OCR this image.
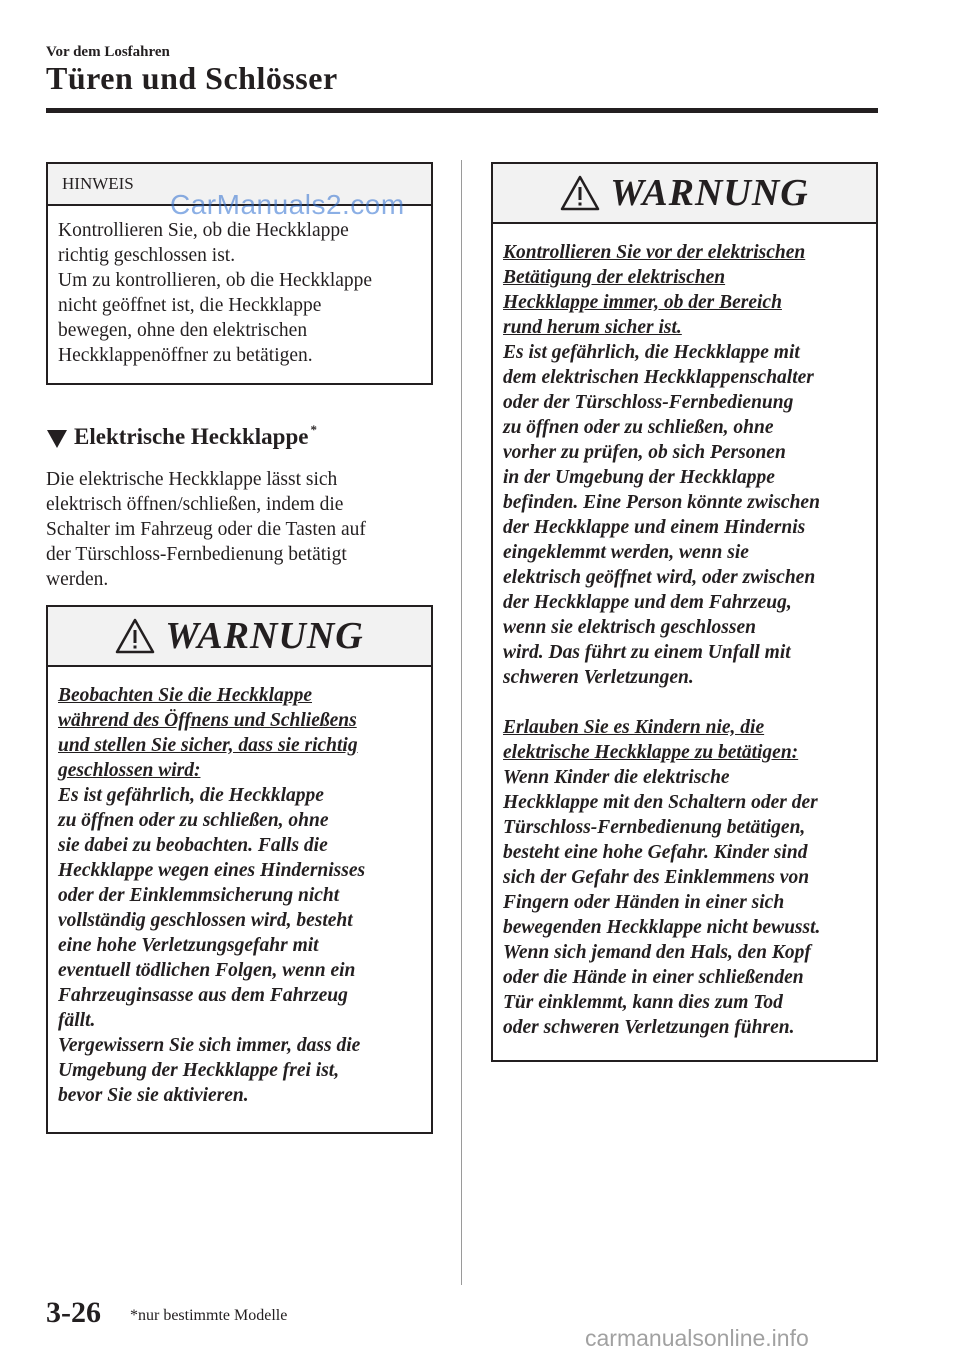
Vor dem Losfahren
Türen und Schlösser
HINWEIS
Kontrollieren Sie, ob die Heckklappe
richtig geschlossen ist.
Um zu kontrollieren, ob die Heckklappe
nicht geöffnet ist, die Heckklappe
bewegen, ohne den elektrischen
Heckklappenöffner zu betätigen.
CarManuals2.com
Elektrische Heckklappe *
Die elektrische Heckklappe lässt sich
elektrisch öffnen/schließen, indem die
Schalter im Fahrzeug oder die Tasten auf
der Türschloss-Fernbedienung betätigt
werden.
WARNUNG

Beobachten Sie die Heckklappe

während des Öffnens und Schließens

und stellen Sie sicher, dass sie richtig

geschlossen wird:

Es ist gefährlich, die Heckklappe

zu öffnen oder zu schließen, ohne

sie dabei zu beobachten. Falls die

Heckklappe wegen eines Hindernisses

oder der Einklemmsicherung nicht

vollständig geschlossen wird, besteht

eine hohe Verletzungsgefahr mit

eventuell tödlichen Folgen, wenn ein

Fahrzeuginsasse aus dem Fahrzeug

fällt.

Vergewissern Sie sich immer, dass die

Umgebung der Heckklappe frei ist,

bevor Sie sie aktivieren.

WARNUNG

Kontrollieren Sie vor der elektrischen

Betätigung der elektrischen

Heckklappe immer, ob der Bereich

rund herum sicher ist.

Es ist gefährlich, die Heckklappe mit

dem elektrischen Heckklappenschalter

oder der Türschloss-Fernbedienung

zu öffnen oder zu schließen, ohne

vorher zu prüfen, ob sich Personen

in der Umgebung der Heckklappe

befinden. Eine Person könnte zwischen

der Heckklappe und einem Hindernis

eingeklemmt werden, wenn sie

elektrisch geöffnet wird, oder zwischen

der Heckklappe und dem Fahrzeug,

wenn sie elektrisch geschlossen

wird. Das führt zu einem Unfall mit

schweren Verletzungen.

Erlauben Sie es Kindern nie, die

elektrische Heckklappe zu betätigen:

Wenn Kinder die elektrische

Heckklappe mit den Schaltern oder der

Türschloss-Fernbedienung betätigen,

besteht eine hohe Gefahr. Kinder sind

sich der Gefahr des Einklemmens von

Fingern oder Händen in einer sich

bewegenden Heckklappe nicht bewusst.

Wenn sich jemand den Hals, den Kopf

oder die Hände in einer schließenden

Tür einklemmt, kann dies zum Tod

oder schweren Verletzungen führen.

3-26 *nur bestimmte Modelle
carmanualsonline.info
